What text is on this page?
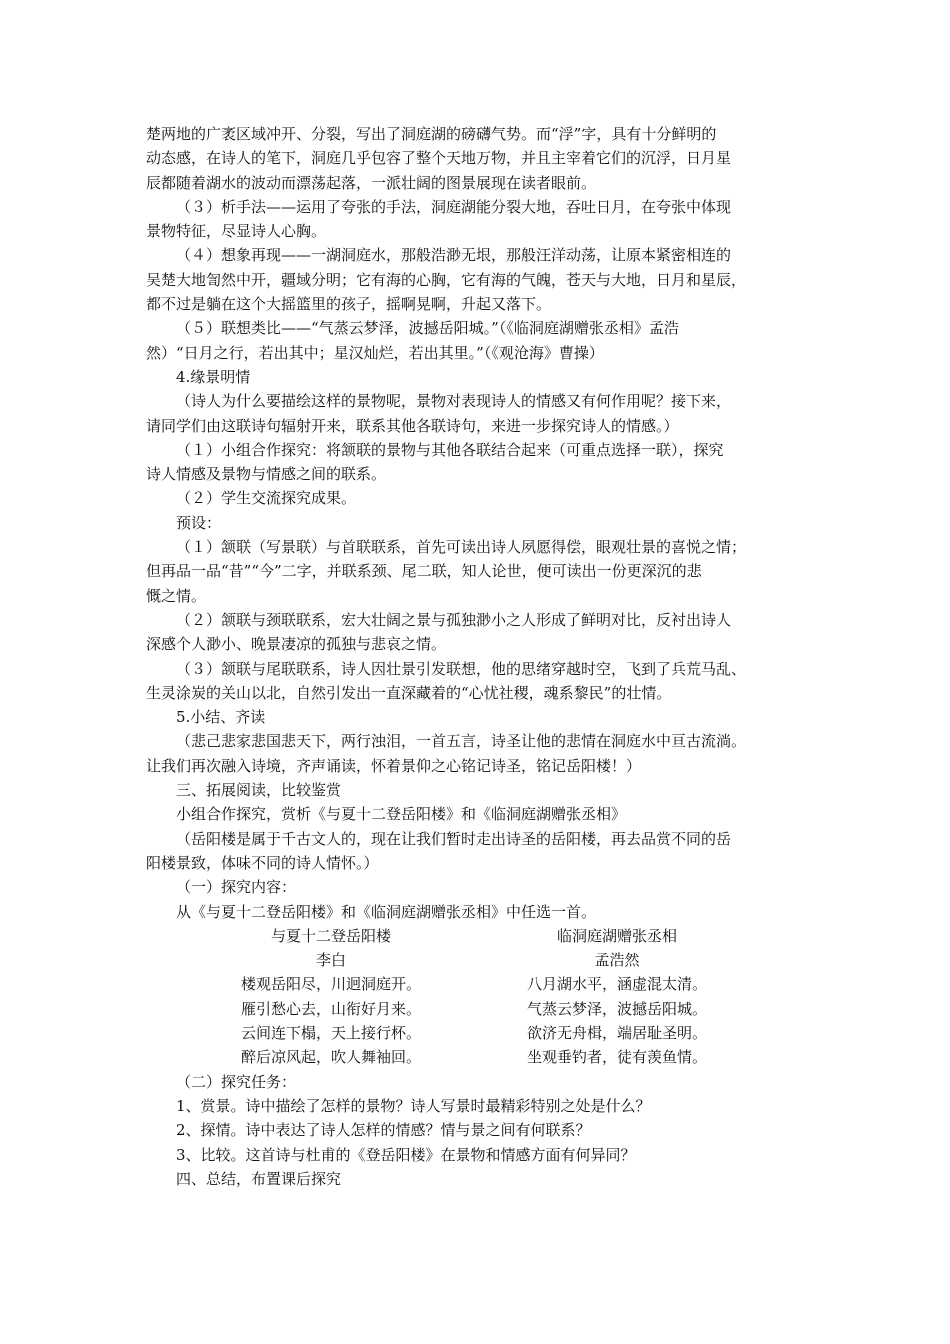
楚两地的广袤区域冲开、分裂，写出了洞庭湖的磅礴气势。而“浮”字，具有十分鲜明的

动态感，在诗人的笔下，洞庭几乎包容了整个天地万物，并且主宰着它们的沉浮，日月星

辰都随着湖水的波动而漂荡起落，一派壮阔的图景展现在读者眼前。

（３）析手法——运用了夸张的手法，洞庭湖能分裂大地，吞吐日月，在夸张中体现

景物特征，尽显诗人心胸。

（４）想象再现——一湖洞庭水，那般浩渺无垠，那般汪洋动荡，让原本紧密相连的

吴楚大地訇然中开，疆域分明；它有海的心胸，它有海的气魄，苍天与大地，日月和星辰，

都不过是躺在这个大摇篮里的孩子，摇啊晃啊，升起又落下。

（５）联想类比——“气蒸云梦泽，波撼岳阳城。”（《临洞庭湖赠张丞相》孟浩

然）“日月之行，若出其中；星汉灿烂，若出其里。”（《观沧海》曹操）

4.缘景明情

（诗人为什么要描绘这样的景物呢，景物对表现诗人的情感又有何作用呢？接下来，

请同学们由这联诗句辐射开来，联系其他各联诗句，来进一步探究诗人的情感。）

（１）小组合作探究：将颔联的景物与其他各联结合起来（可重点选择一联），探究

诗人情感及景物与情感之间的联系。

（２）学生交流探究成果。

预设：

（１）颔联（写景联）与首联联系，首先可读出诗人夙愿得偿，眼观壮景的喜悦之情；

但再品一品“昔”“今”二字，并联系颈、尾二联，知人论世，便可读出一份更深沉的悲

慨之情。

（２）颔联与颈联联系，宏大壮阔之景与孤独渺小之人形成了鲜明对比，反衬出诗人

深感个人渺小、晚景凄凉的孤独与悲哀之情。

（３）颔联与尾联联系，诗人因壮景引发联想，他的思绪穿越时空，飞到了兵荒马乱、

生灵涂炭的关山以北，自然引发出一直深藏着的“心忧社稷，魂系黎民”的壮情。

5.小结、齐读

（悲己悲家悲国悲天下，两行浊泪，一首五言，诗圣让他的悲情在洞庭水中亘古流淌。

让我们再次融入诗境，齐声诵读，怀着景仰之心铭记诗圣，铭记岳阳楼！）

三、拓展阅读，比较鉴赏

小组合作探究，赏析《与夏十二登岳阳楼》和《临洞庭湖赠张丞相》

（岳阳楼是属于千古文人的，现在让我们暂时走出诗圣的岳阳楼，再去品赏不同的岳

阳楼景致，体味不同的诗人情怀。）

（一）探究内容：

从《与夏十二登岳阳楼》和《临洞庭湖赠张丞相》中任选一首。

与夏十二登岳阳楼
李白
楼观岳阳尽，川迥洞庭开。
雁引愁心去，山衔好月来。
云间连下榻，天上接行杯。
醉后凉风起，吹人舞袖回。
临洞庭湖赠张丞相
孟浩然
八月湖水平，涵虚混太清。
气蒸云梦泽，波撼岳阳城。
欲济无舟楫，端居耻圣明。
坐观垂钓者，徒有羡鱼情。

（二）探究任务：

1、赏景。诗中描绘了怎样的景物？诗人写景时最精彩特别之处是什么？

2、探情。诗中表达了诗人怎样的情感？情与景之间有何联系？

3、比较。这首诗与杜甫的《登岳阳楼》在景物和情感方面有何异同？

四、总结，布置课后探究
